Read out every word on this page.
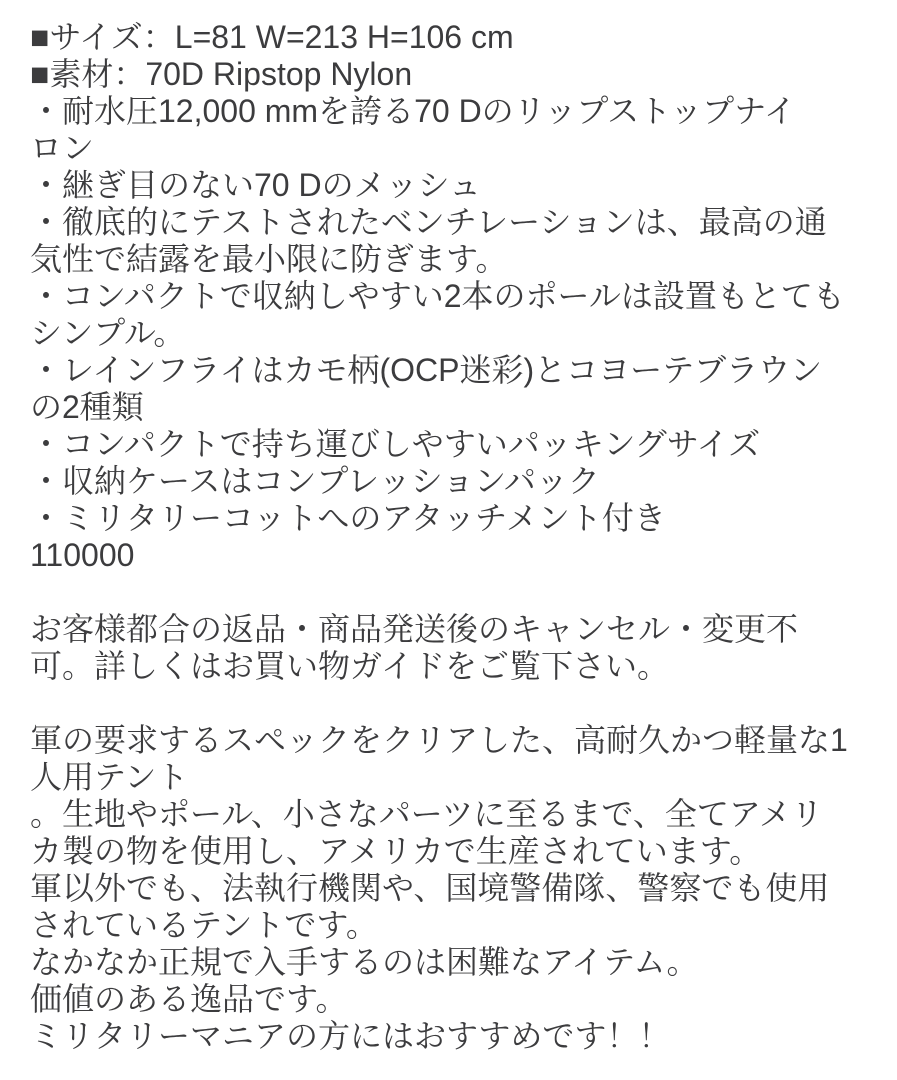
■サイズ：L=81 W=213 H=106 cm
■素材：70D Ripstop Nylon
・耐水圧12,000 mmを誇る70 Dのリップストップナイ
ロン
・継ぎ目のない70 Dのメッシュ
・徹底的にテストされたベンチレーションは、最高の通
気性で結露を最小限に防ぎます。
・コンパクトで収納しやすい2本のポールは設置もとても
シンプル。
・レインフライはカモ柄(OCP迷彩)とコヨーテブラウン
の2種類
・コンパクトで持ち運びしやすいパッキングサイズ
・収納ケースはコンプレッションパック
・ミリタリーコットへのアタッチメント付き
110000
お客様都合の返品・商品発送後のキャンセル・変更不
可。詳しくはお買い物ガイドをご覧下さい。
軍の要求するスペックをクリアした、高耐久かつ軽量な1
人用テント
。生地やポール、小さなパーツに至るまで、全てアメリ
カ製の物を使用し、アメリカで生産されています。
軍以外でも、法執行機関や、国境警備隊、警察でも使用
されているテントです。
なかなか正規で入手するのは困難なアイテム。
価値のある逸品です。
ミリタリーマニアの方にはおすすめです！！
